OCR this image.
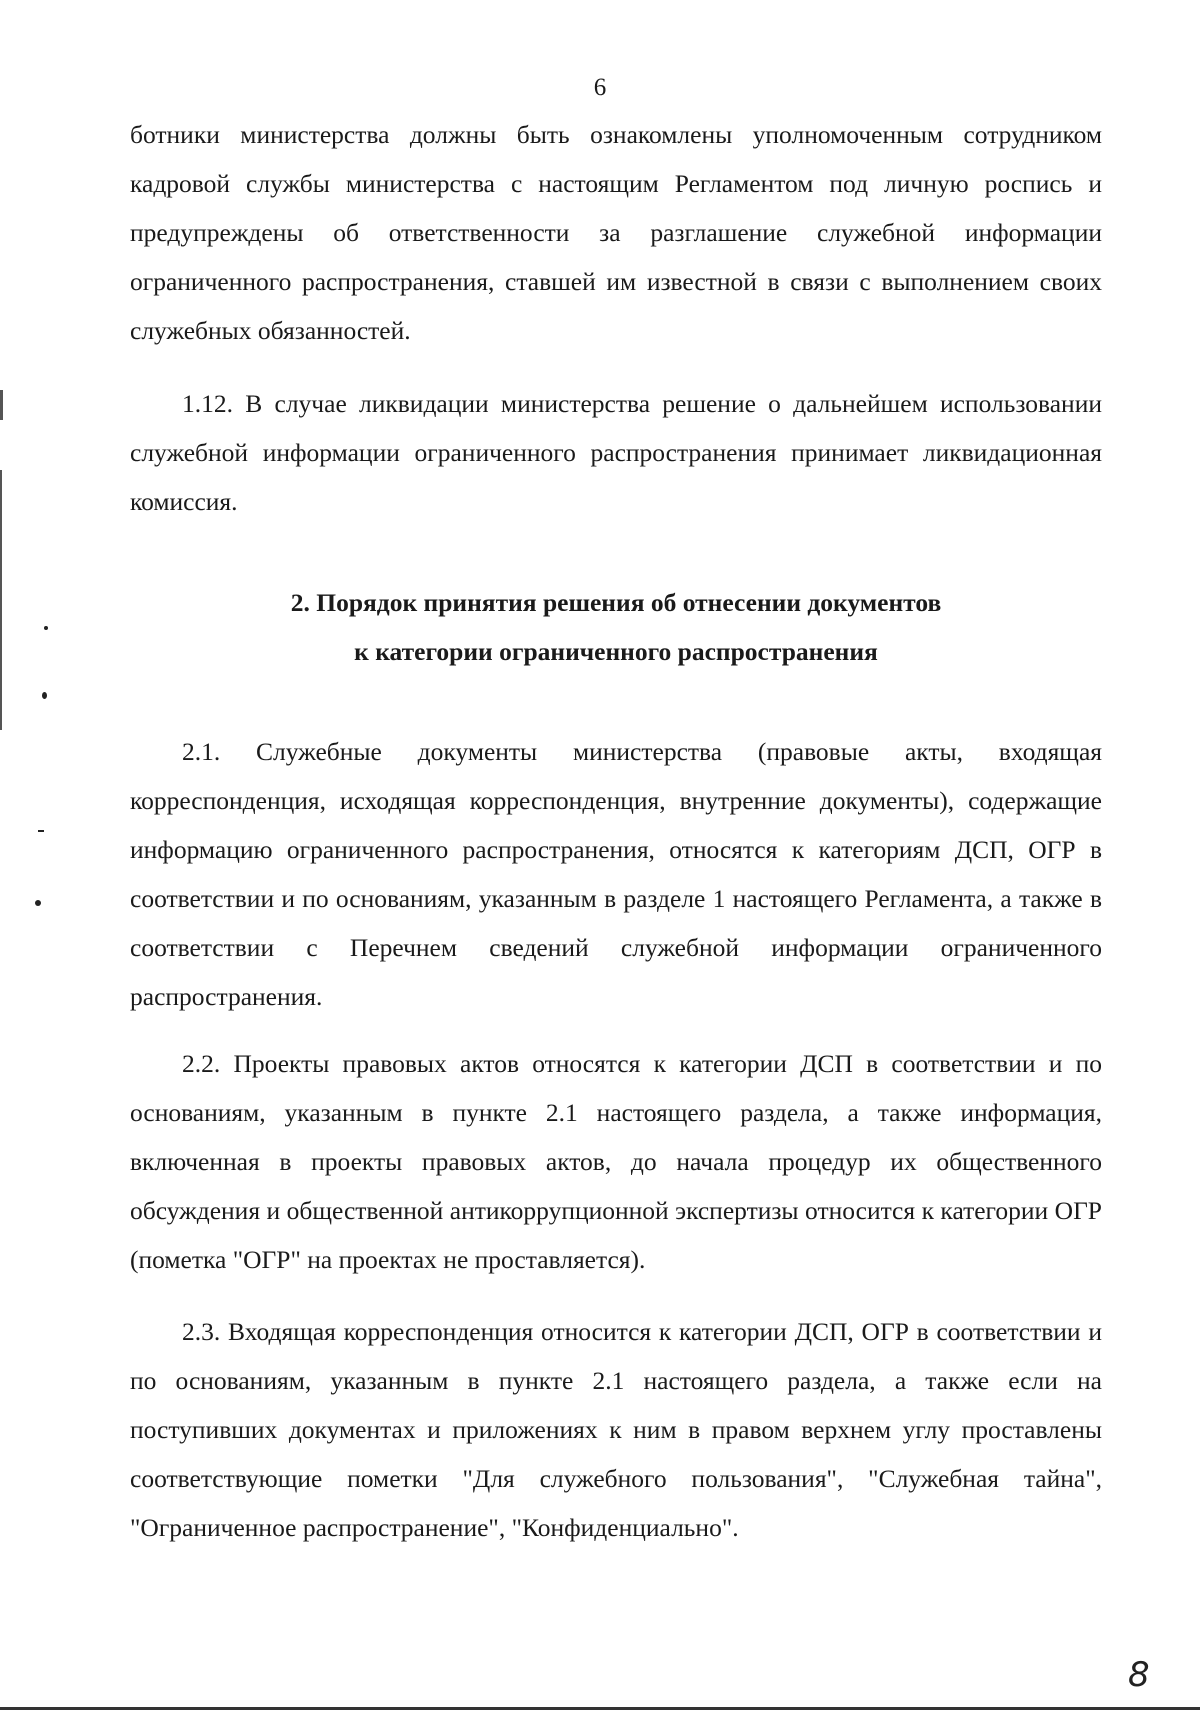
6

ботники министерства должны быть ознакомлены уполномоченным сотрудником кадровой службы министерства с настоящим Регламентом под личную роспись и предупреждены об ответственности за разглашение служебной информации ограниченного распространения, ставшей им известной в связи с выполнением своих служебных обязанностей.

1.12. В случае ликвидации министерства решение о дальнейшем использовании служебной информации ограниченного распространения принимает ликвидационная комиссия.

2. Порядок принятия решения об отнесении документов
к категории ограниченного распространения

2.1. Служебные документы министерства (правовые акты, входящая корреспонденция, исходящая корреспонденция, внутренние документы), содержащие информацию ограниченного распространения, относятся к категориям ДСП, ОГР в соответствии и по основаниям, указанным в разделе 1 настоящего Регламента, а также в соответствии с Перечнем сведений служебной информации ограниченного распространения.

2.2. Проекты правовых актов относятся к категории ДСП в соответствии и по основаниям, указанным в пункте 2.1 настоящего раздела, а также информация, включенная в проекты правовых актов, до начала процедур их общественного обсуждения и общественной антикоррупционной экспертизы относится к категории ОГР (пометка "ОГР" на проектах не проставляется).

2.3. Входящая корреспонденция относится к категории ДСП, ОГР в соответствии и по основаниям, указанным в пункте 2.1 настоящего раздела, а также если на поступивших документах и приложениях к ним в правом верхнем углу проставлены соответствующие пометки "Для служебного пользования", "Служебная тайна", "Ограниченное распространение", "Конфиденциально".

8
